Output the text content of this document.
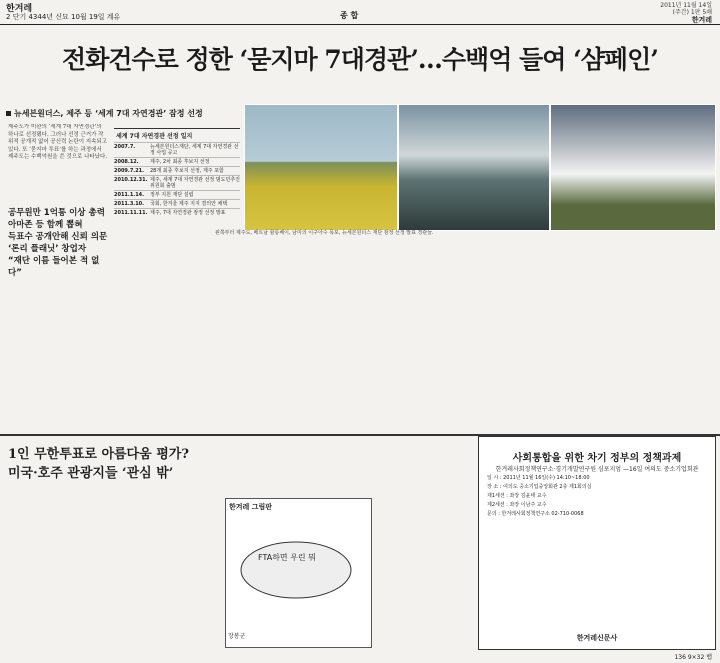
한겨레
2 단기 4344년 신묘 10월 19일 계유	종 합
2011년 11월 14일
(주간) 1판 5쇄
한겨레
전화건수로 정한 ‘묻지마 7대경관’…수백억 들여 ‘샴페인’
뉴세븐원더스, 제주 등 ‘세계 7대 자연경관’ 잠정 선정
제주도가 미완의 ‘세계 7대 자연경관’의 하나로 선정됐다. 그러나 선정 근거가 작위적 공개적 없어 공신력 논란이 지속되고 있다. 또 ‘묻지마 투표’를 하는 과정에서 제주도는 수백억원을 쓴 것으로 나타났다.
공무원만 1억통 이상 총력
아마존 등 함께 뽑혀
득표수 공개안해 신뢰 의문
‘론리 플래닛’ 창업자
“재단 이름 들어본 적 없다”
세계 7대 자연경관 선정 일지
2007.7.	뉴세븐원더스재단, 세계 7대 자연경관 선정 사업 공고
2008.12.	제주, 2차 최종 후보지 선정
2009.7.21.	28개 최종 후보지 선정, 제주 포함
2010.12.31. 제주, 세계 7대 자연경관 선정 범도민추진위원회 출범
2011.1.14.	정부 지원 재단 설립
2011.3.10.	국회, 한겨울 제주 지지 결의안 채택
2011.11.11. 제주, 7대 자연경관 잠정 선정 발표
왼쪽부터 제주도, 베트남 할롱베이, 남미의 이구아수 폭포, 뉴세븐원더스 재단 잠정 선정 발표 경관들.
1인 무한투표로 아름다움 평가?
미국·호주 관광지들 ‘관심 밖’
한겨레 그림판
FTA하면 우린 뭐
장봉군
사회통합을 위한 차기 정부의 정책과제
한겨레사회정책연구소·경기개발연구원 심포지엄 —16일 여의도 중소기업회관
일 시 : 2011년 11월 16일(수) 14:10~18:00
장 소 : 여의도 중소기업중앙회관 2층 제1회의실
제1세션 : 좌장 김윤태 교수
제2세션 : 좌장 이남주 교수
문의 : 한겨레사회정책연구소 02-710-0068
한겨레신문사
136 9×32 뱁
